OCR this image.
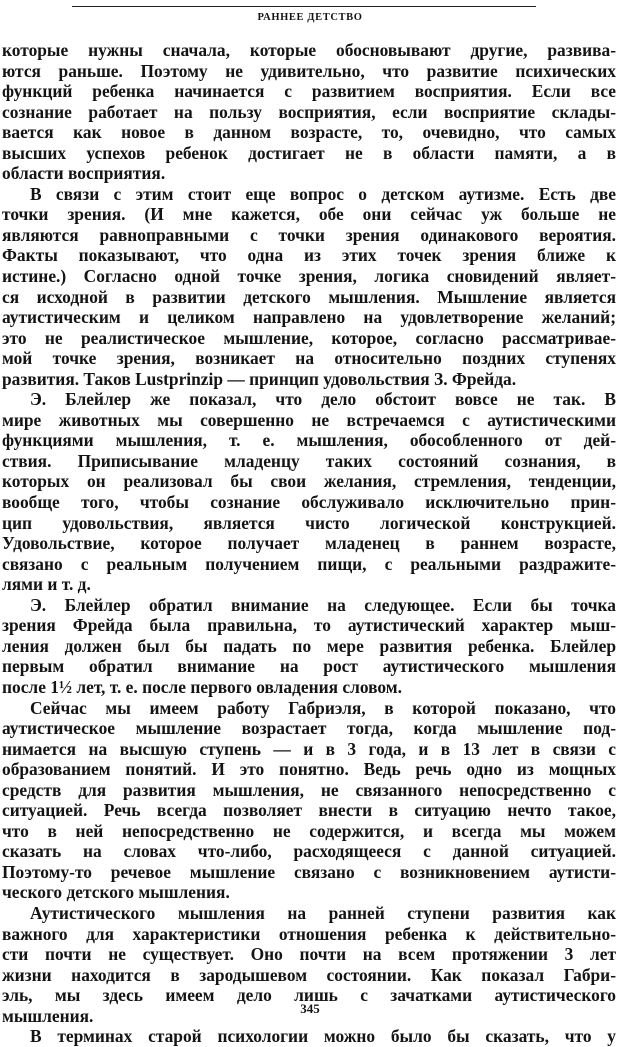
РАННЕЕ ДЕТСТВО
которые нужны сначала, которые обосновывают другие, развива-
ются раньше. Поэтому не удивительно, что развитие психических
функций ребенка начинается с развитием восприятия. Если все
сознание работает на пользу восприятия, если восприятие склады-
вается как новое в данном возрасте, то, очевидно, что самых
высших успехов ребенок достигает не в области памяти, а в
области восприятия.
В связи с этим стоит еще вопрос о детском аутизме. Есть две
точки зрения. (И мне кажется, обе они сейчас уж больше не
являются равноправными с точки зрения одинакового вероятия.
Факты показывают, что одна из этих точек зрения ближе к
истине.) Согласно одной точке зрения, логика сновидений являет-
ся исходной в развитии детского мышления. Мышление является
аутистическим и целиком направлено на удовлетворение желаний;
это не реалистическое мышление, которое, согласно рассматривае-
мой точке зрения, возникает на относительно поздних ступенях
развития. Таков Lustprinzip — принцип удовольствия З. Фрейда.
Э. Блейлер же показал, что дело обстоит вовсе не так. В
мире животных мы совершенно не встречаемся с аутистическими
функциями мышления, т. е. мышления, обособленного от дей-
ствия. Приписывание младенцу таких состояний сознания, в
которых он реализовал бы свои желания, стремления, тенденции,
вообще того, чтобы сознание обслуживало исключительно прин-
цип удовольствия, является чисто логической конструкцией.
Удовольствие, которое получает младенец в раннем возрасте,
связано с реальным получением пищи, с реальными раздражите-
лями и т. д.
Э. Блейлер обратил внимание на следующее. Если бы точка
зрения Фрейда была правильна, то аутистический характер мыш-
ления должен был бы падать по мере развития ребенка. Блейлер
первым обратил внимание на рост аутистического мышления
после 1½ лет, т. е. после первого овладения словом.
Сейчас мы имеем работу Габриэля, в которой показано, что
аутистическое мышление возрастает тогда, когда мышление под-
нимается на высшую ступень — и в 3 года, и в 13 лет в связи с
образованием понятий. И это понятно. Ведь речь одно из мощных
средств для развития мышления, не связанного непосредственно с
ситуацией. Речь всегда позволяет внести в ситуацию нечто такое,
что в ней непосредственно не содержится, и всегда мы можем
сказать на словах что-либо, расходящееся с данной ситуацией.
Поэтому-то речевое мышление связано с возникновением аутисти-
ческого детского мышления.
Аутистического мышления на ранней ступени развития как
важного для характеристики отношения ребенка к действительно-
сти почти не существует. Оно почти на всем протяжении 3 лет
жизни находится в зародышевом состоянии. Как показал Габри-
эль, мы здесь имеем дело лишь с зачатками аутистического
мышления.
В терминах старой психологии можно было бы сказать, что у
345
